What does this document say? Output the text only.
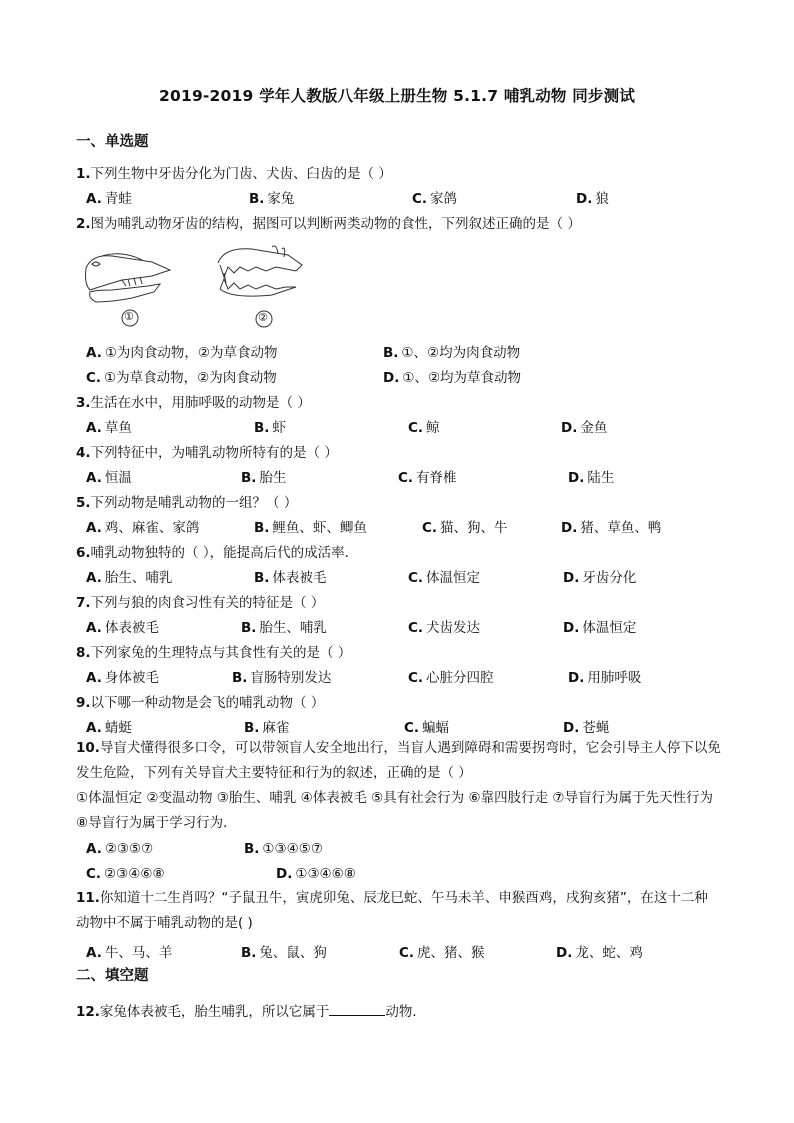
2019-2019 学年人教版八年级上册生物 5.1.7 哺乳动物 同步测试
一、单选题
1.下列生物中牙齿分化为门齿、犬齿、臼齿的是（ ）
A. 青蛙	B. 家兔	C. 家鸽	D. 狼
2.图为哺乳动物牙齿的结构，据图可以判断两类动物的食性，下列叙述正确的是（ ）
①	②
A. ①为肉食动物，②为草食动物	B. ①、②均为肉食动物
C. ①为草食动物，②为肉食动物	D. ①、②均为草食动物
3.生活在水中，用肺呼吸的动物是（ ）
A. 草鱼	B. 虾	C. 鲸	D. 金鱼
4.下列特征中，为哺乳动物所特有的是（ ）
A. 恒温	B. 胎生	C. 有脊椎	D. 陆生
5.下列动物是哺乳动物的一组？（ ）
A. 鸡、麻雀、家鸽	B. 鲤鱼、虾、鲫鱼	C. 猫、狗、牛	D. 猪、草鱼、鸭
6.哺乳动物独特的（ ），能提高后代的成活率．
A. 胎生、哺乳	B. 体表被毛	C. 体温恒定	D. 牙齿分化
7.下列与狼的肉食习性有关的特征是（ ）
A. 体表被毛	B. 胎生、哺乳	C. 犬齿发达	D. 体温恒定
8.下列家兔的生理特点与其食性有关的是（ ）
A. 身体被毛	B. 盲肠特别发达	C. 心脏分四腔	D. 用肺呼吸
9.以下哪一种动物是会飞的哺乳动物（ ）
A. 蜻蜓	B. 麻雀	C. 蝙蝠	D. 苍蝇
10.导盲犬懂得很多口令，可以带领盲人安全地出行，当盲人遇到障碍和需要拐弯时，它会引导主人停下以免发生危险，下列有关导盲犬主要特征和行为的叙述，正确的是（ ）
①体温恒定 ②变温动物 ③胎生、哺乳 ④体表被毛 ⑤具有社会行为 ⑥靠四肢行走 ⑦导盲行为属于先天性行为 ⑧导盲行为属于学习行为．
A. ②③⑤⑦	B. ①③④⑤⑦
C. ②③④⑥⑧	D. ①③④⑥⑧
11.你知道十二生肖吗？“子鼠丑牛，寅虎卯兔、辰龙巳蛇、午马未羊、申猴酉鸡，戌狗亥猪”，在这十二种动物中不属于哺乳动物的是( )
A. 牛、马、羊	B. 兔、鼠、狗	C. 虎、猪、猴	D. 龙、蛇、鸡
二、填空题
12.家兔体表被毛，胎生哺乳，所以它属于	动物．
